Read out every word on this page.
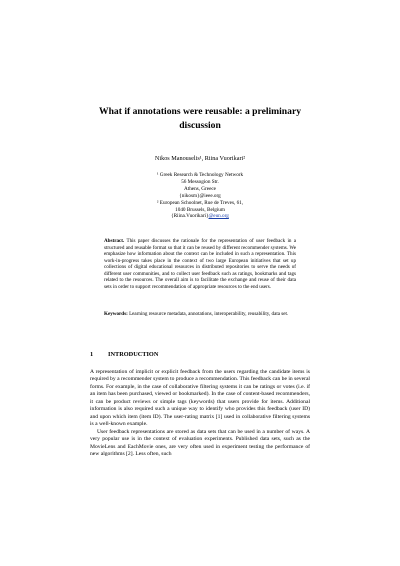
What if annotations were reusable: a preliminary discussion
Nikos Manouselis¹, Riina Vuorikari²
¹ Greek Research & Technology Network
56 Messogion Str.
Athens, Greece
{nikosm}@ieee.org
² European Schoolnet, Rue de Treves, 61,
1040 Brussels, Belgium
{Riina.Vuorikari}@eun.org
Abstract. This paper discusses the rationale for the representation of user feedback in a structured and reusable format so that it can be reused by different recommender systems. We emphasize how information about the context can be included in such a representation. This work-in-progress takes place in the context of two large European initiatives that set up collections of digital educational resources in distributed repositories to serve the needs of different user communities, and to collect user feedback such as ratings, bookmarks and tags related to the resources. The overall aim is to facilitate the exchange and reuse of their data sets in order to support recommendation of appropriate resources to the end users.
Keywords: Learning resource metadata, annotations, interoperability, reusability, data set.
1 INTRODUCTION

A representation of implicit or explicit feedback from the users regarding the candidate items is required by a recommender system to produce a recommendation. This feedback can be in several forms. For example, in the case of collaborative filtering systems it can be ratings or votes (i.e. if an item has been purchased, viewed or bookmarked). In the case of content-based recommenders, it can be product reviews or simple tags (keywords) that users provide for items. Additional information is also required such a unique way to identify who provides this feedback (user ID) and upon which item (item ID). The user-rating matrix [1] used in collaborative filtering systems is a well-known example.

User feedback representations are stored as data sets that can be used in a number of ways. A very popular use is in the context of evaluation experiments. Published data sets, such as the MovieLens and EachMovie ones, are very often used in experiment testing the performance of new algorithms [2]. Less often, such
